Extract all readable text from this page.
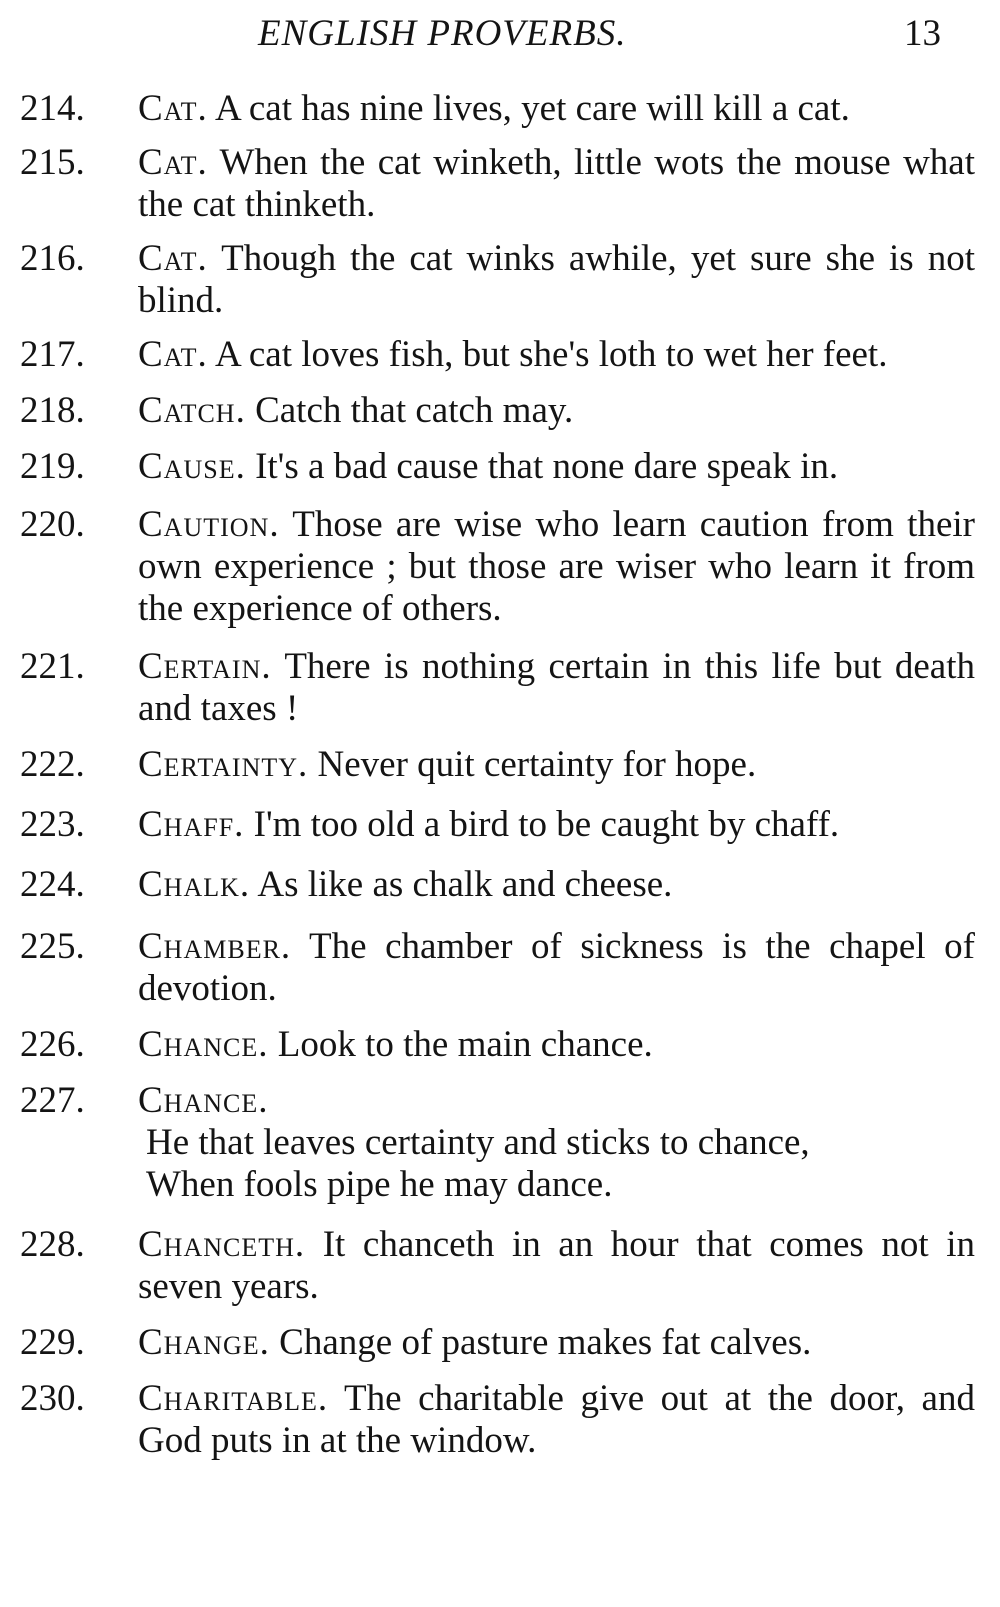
ENGLISH PROVERBS.	13
214. Cat. A cat has nine lives, yet care will kill a cat.
215. Cat. When the cat winketh, little wots the mouse what the cat thinketh.
216. Cat. Though the cat winks awhile, yet sure she is not blind.
217. Cat. A cat loves fish, but she's loth to wet her feet.
218. Catch. Catch that catch may.
219. Cause. It's a bad cause that none dare speak in.
220. Caution. Those are wise who learn caution from their own experience ; but those are wiser who learn it from the experience of others.
221. Certain. There is nothing certain in this life but death and taxes !
222. Certainty. Never quit certainty for hope.
223. Chaff. I'm too old a bird to be caught by chaff.
224. Chalk. As like as chalk and cheese.
225. Chamber. The chamber of sickness is the chapel of devotion.
226. Chance. Look to the main chance.
227. Chance.
He that leaves certainty and sticks to chance,
When fools pipe he may dance.
228. Chanceth. It chanceth in an hour that comes not in seven years.
229. Change. Change of pasture makes fat calves.
230. Charitable. The charitable give out at the door, and God puts in at the window.
